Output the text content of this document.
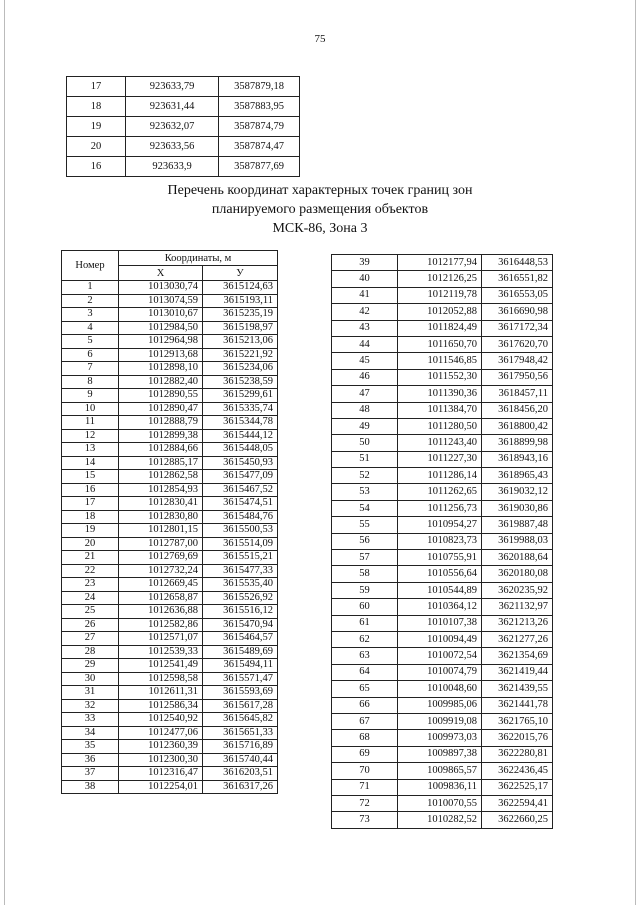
75
17	923633,79	3587879,18
18	923631,44	3587883,95
19	923632,07	3587874,79
20	923633,56	3587874,47
16	923633,9	3587877,69
Перечень координат характерных точек границ зон
планируемого размещения объектов
МСК-86, Зона 3
Номер	Координаты, м	
	X	У
1	1013030,74	3615124,63
2	1013074,59	3615193,11
3	1013010,67	3615235,19
4	1012984,50	3615198,97
5	1012964,98	3615213,06
6	1012913,68	3615221,92
7	1012898,10	3615234,06
8	1012882,40	3615238,59
9	1012890,55	3615299,61
10	1012890,47	3615335,74
11	1012888,79	3615344,78
12	1012899,38	3615444,12
13	1012884,66	3615448,05
14	1012885,17	3615450,93
15	1012862,58	3615477,09
16	1012854,93	3615467,52
17	1012830,41	3615474,51
18	1012830,80	3615484,76
19	1012801,15	3615500,53
20	1012787,00	3615514,09
21	1012769,69	3615515,21
22	1012732,24	3615477,33
23	1012669,45	3615535,40
24	1012658,87	3615526,92
25	1012636,88	3615516,12
26	1012582,86	3615470,94
27	1012571,07	3615464,57
28	1012539,33	3615489,69
29	1012541,49	3615494,11
30	1012598,58	3615571,47
31	1012611,31	3615593,69
32	1012586,34	3615617,28
33	1012540,92	3615645,82
34	1012477,06	3615651,33
35	1012360,39	3615716,89
36	1012300,30	3615740,44
37	1012316,47	3616203,51
38	1012254,01	3616317,26
39	1012177,94	3616448,53
40	1012126,25	3616551,82
41	1012119,78	3616553,05
42	1012052,88	3616690,98
43	1011824,49	3617172,34
44	1011650,70	3617620,70
45	1011546,85	3617948,42
46	1011552,30	3617950,56
47	1011390,36	3618457,11
48	1011384,70	3618456,20
49	1011280,50	3618800,42
50	1011243,40	3618899,98
51	1011227,30	3618943,16
52	1011286,14	3618965,43
53	1011262,65	3619032,12
54	1011256,73	3619030,86
55	1010954,27	3619887,48
56	1010823,73	3619988,03
57	1010755,91	3620188,64
58	1010556,64	3620180,08
59	1010544,89	3620235,92
60	1010364,12	3621132,97
61	1010107,38	3621213,26
62	1010094,49	3621277,26
63	1010072,54	3621354,69
64	1010074,79	3621419,44
65	1010048,60	3621439,55
66	1009985,06	3621441,78
67	1009919,08	3621765,10
68	1009973,03	3622015,76
69	1009897,38	3622280,81
70	1009865,57	3622436,45
71	1009836,11	3622525,17
72	1010070,55	3622594,41
73	1010282,52	3622660,25
